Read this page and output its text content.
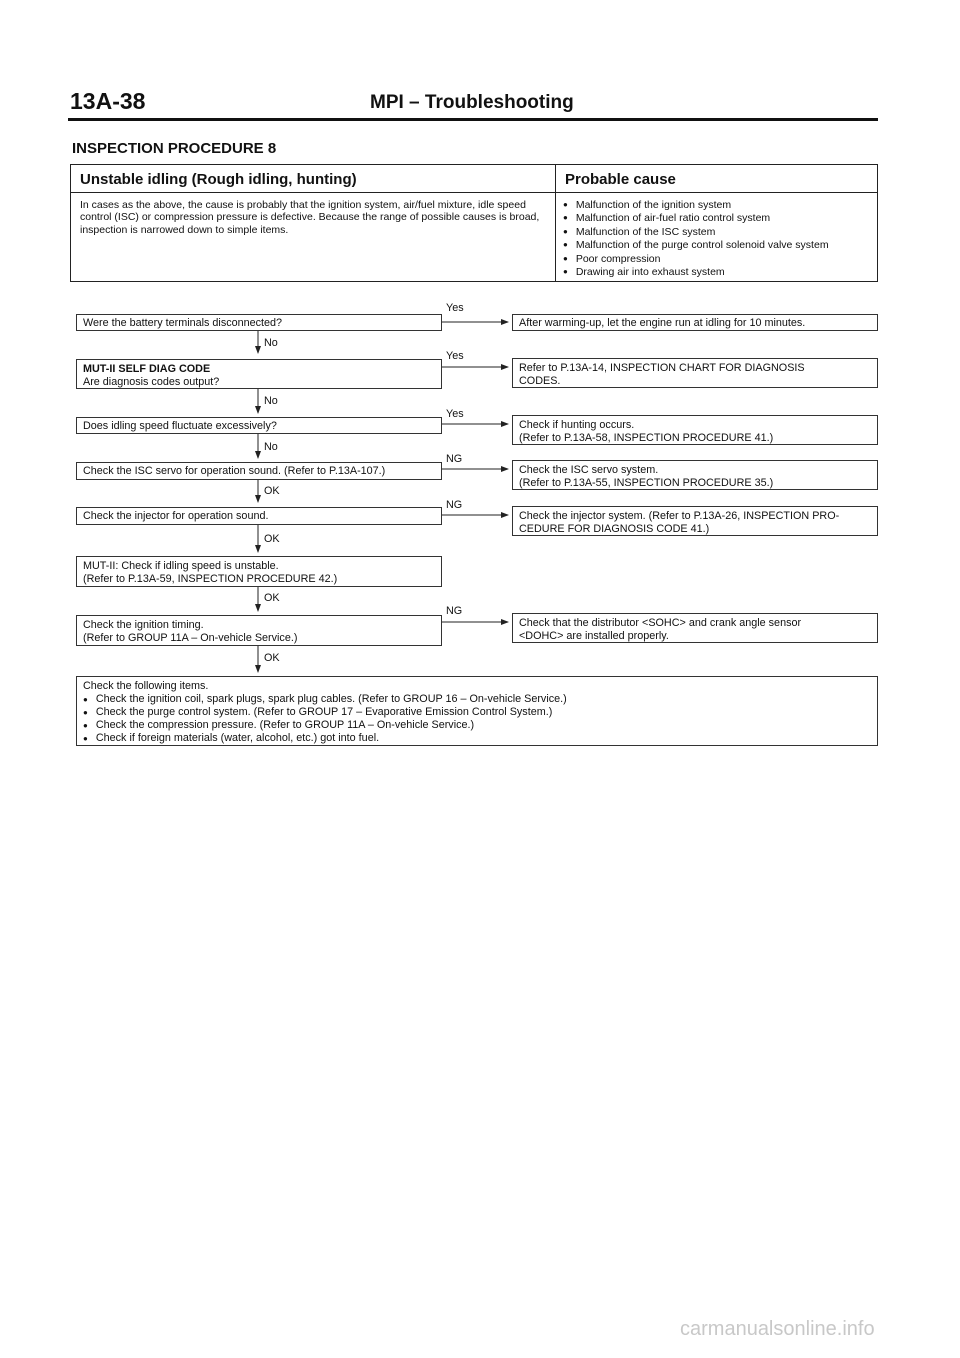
13A-38	MPI – Troubleshooting
INSPECTION PROCEDURE 8
Unstable idling (Rough idling, hunting)	Probable cause
In cases as the above, the cause is probably that the ignition system, air/fuel mixture, idle speed control (ISC) or compression pressure is defective. Because the range of possible causes is broad, inspection is narrowed down to simple items.
● Malfunction of the ignition system
● Malfunction of air-fuel ratio control system
● Malfunction of the ISC system
● Malfunction of the purge control solenoid valve system
● Poor compression
● Drawing air into exhaust system
Were the battery terminals disconnected?
MUT-II SELF DIAG CODE
Are diagnosis codes output?
Does idling speed fluctuate excessively?
Check the ISC servo for operation sound. (Refer to P.13A-107.)
Check the injector for operation sound.
MUT-II: Check if idling speed is unstable.
(Refer to P.13A-59, INSPECTION PROCEDURE 42.)
Check the ignition timing.
(Refer to GROUP 11A – On-vehicle Service.)
No
No
No
OK
OK
OK
OK
Yes
Yes
Yes
NG
NG
NG
After warming-up, let the engine run at idling for 10 minutes.
Refer to P.13A-14, INSPECTION CHART FOR DIAGNOSIS
CODES.
Check if hunting occurs.
(Refer to P.13A-58, INSPECTION PROCEDURE 41.)
Check the ISC servo system.
(Refer to P.13A-55, INSPECTION PROCEDURE 35.)
Check the injector system. (Refer to P.13A-26, INSPECTION PRO-
CEDURE FOR DIAGNOSIS CODE 41.)
Check that the distributor <SOHC> and crank angle sensor
<DOHC> are installed properly.
Check the following items.
● Check the ignition coil, spark plugs, spark plug cables. (Refer to GROUP 16 – On-vehicle Service.)
● Check the purge control system. (Refer to GROUP 17 – Evaporative Emission Control System.)
● Check the compression pressure. (Refer to GROUP 11A – On-vehicle Service.)
● Check if foreign materials (water, alcohol, etc.) got into fuel.
carmanualsonline.info
